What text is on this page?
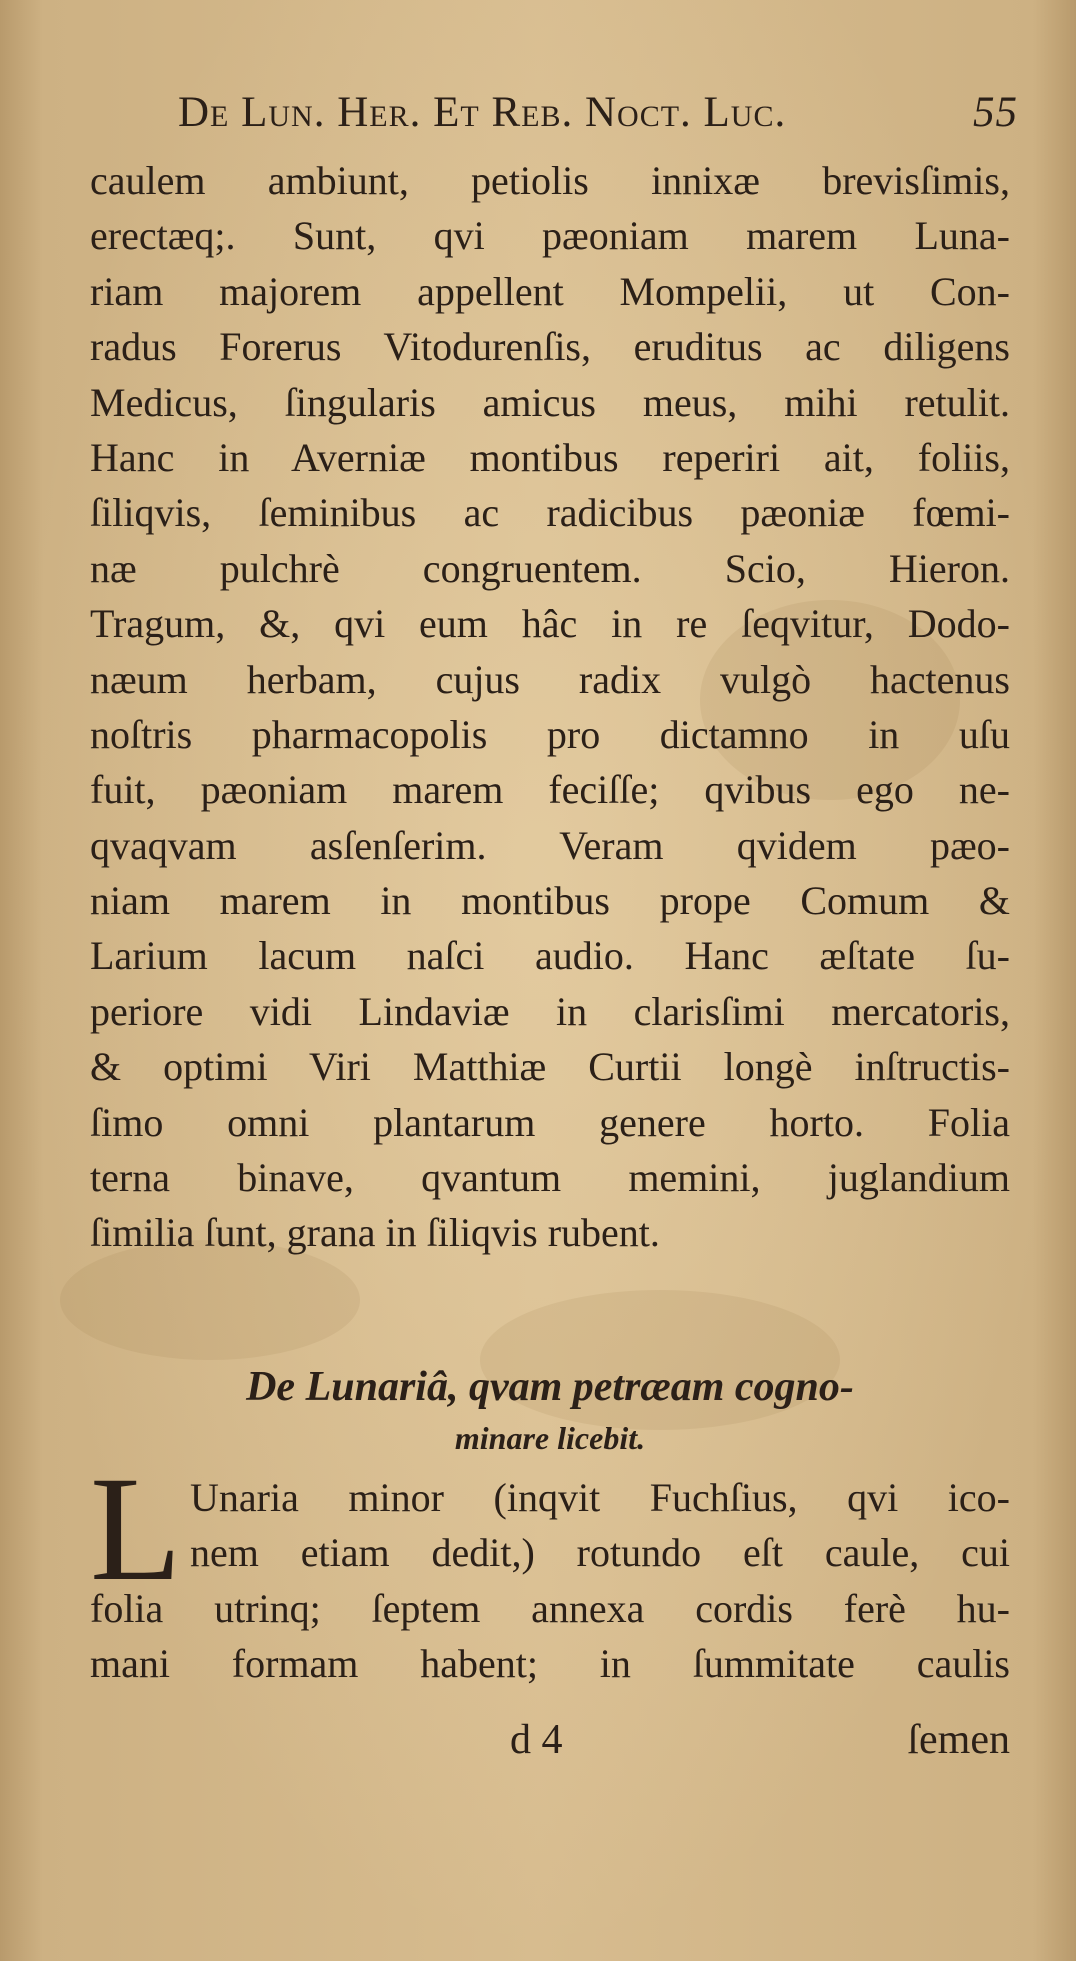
De Lun. Her. Et Reb. Noct. Luc.	55
caulem ambiunt, petiolis innixæ brevisſimis,
erectæq;. Sunt, qvi pæoniam marem Luna-
riam majorem appellent Mompelii, ut Con-
radus Forerus Vitodurenſis, eruditus ac diligens
Medicus, ſingularis amicus meus, mihi retulit.
Hanc in Averniæ montibus reperiri ait, foliis,
ſiliqvis, ſeminibus ac radicibus pæoniæ fœmi-
næ pulchrè congruentem. Scio, Hieron.
Tragum, &, qvi eum hâc in re ſeqvitur, Dodo-
næum herbam, cujus radix vulgò hactenus
noſtris pharmacopolis pro dictamno in uſu
fuit, pæoniam marem feciſſe; qvibus ego ne-
qvaqvam asſenſerim. Veram qvidem pæo-
niam marem in montibus prope Comum &
Larium lacum naſci audio. Hanc æſtate ſu-
periore vidi Lindaviæ in clarisſimi mercatoris,
& optimi Viri Matthiæ Curtii longè inſtructis-
ſimo omni plantarum genere horto. Folia
terna binave, qvantum memini, juglandium
ſimilia ſunt, grana in ſiliqvis rubent.
De Lunariâ, qvam petræam cogno-
minare licebit.
L Unaria minor (inqvit Fuchſius, qvi ico-
nem etiam dedit,) rotundo eſt caule, cui
folia utrinq; ſeptem annexa cordis ferè hu-
mani formam habent; in ſummitate caulis
d 4	ſemen
